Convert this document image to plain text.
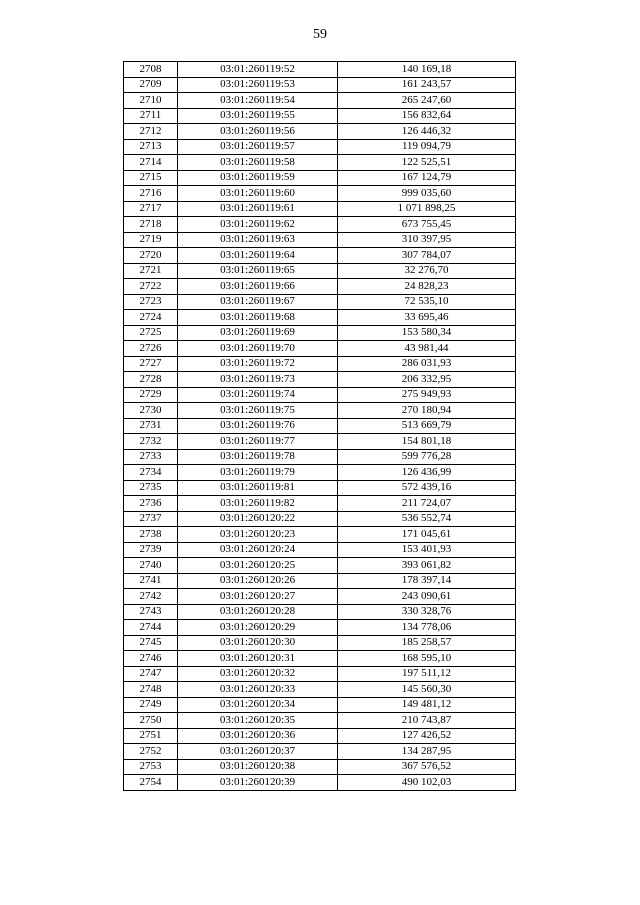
59
2708	03:01:260119:52	140 169,18
2709	03:01:260119:53	161 243,57
2710	03:01:260119:54	265 247,60
2711	03:01:260119:55	156 832,64
2712	03:01:260119:56	126 446,32
2713	03:01:260119:57	119 094,79
2714	03:01:260119:58	122 525,51
2715	03:01:260119:59	167 124,79
2716	03:01:260119:60	999 035,60
2717	03:01:260119:61	1 071 898,25
2718	03:01:260119:62	673 755,45
2719	03:01:260119:63	310 397,95
2720	03:01:260119:64	307 784,07
2721	03:01:260119:65	32 276,70
2722	03:01:260119:66	24 828,23
2723	03:01:260119:67	72 535,10
2724	03:01:260119:68	33 695,46
2725	03:01:260119:69	153 580,34
2726	03:01:260119:70	43 981,44
2727	03:01:260119:72	286 031,93
2728	03:01:260119:73	206 332,95
2729	03:01:260119:74	275 949,93
2730	03:01:260119:75	270 180,94
2731	03:01:260119:76	513 669,79
2732	03:01:260119:77	154 801,18
2733	03:01:260119:78	599 776,28
2734	03:01:260119:79	126 436,99
2735	03:01:260119:81	572 439,16
2736	03:01:260119:82	211 724,07
2737	03:01:260120:22	536 552,74
2738	03:01:260120:23	171 045,61
2739	03:01:260120:24	153 401,93
2740	03:01:260120:25	393 061,82
2741	03:01:260120:26	178 397,14
2742	03:01:260120:27	243 090,61
2743	03:01:260120:28	330 328,76
2744	03:01:260120:29	134 778,06
2745	03:01:260120:30	185 258,57
2746	03:01:260120:31	168 595,10
2747	03:01:260120:32	197 511,12
2748	03:01:260120:33	145 560,30
2749	03:01:260120:34	149 481,12
2750	03:01:260120:35	210 743,87
2751	03:01:260120:36	127 426,52
2752	03:01:260120:37	134 287,95
2753	03:01:260120:38	367 576,52
2754	03:01:260120:39	490 102,03
